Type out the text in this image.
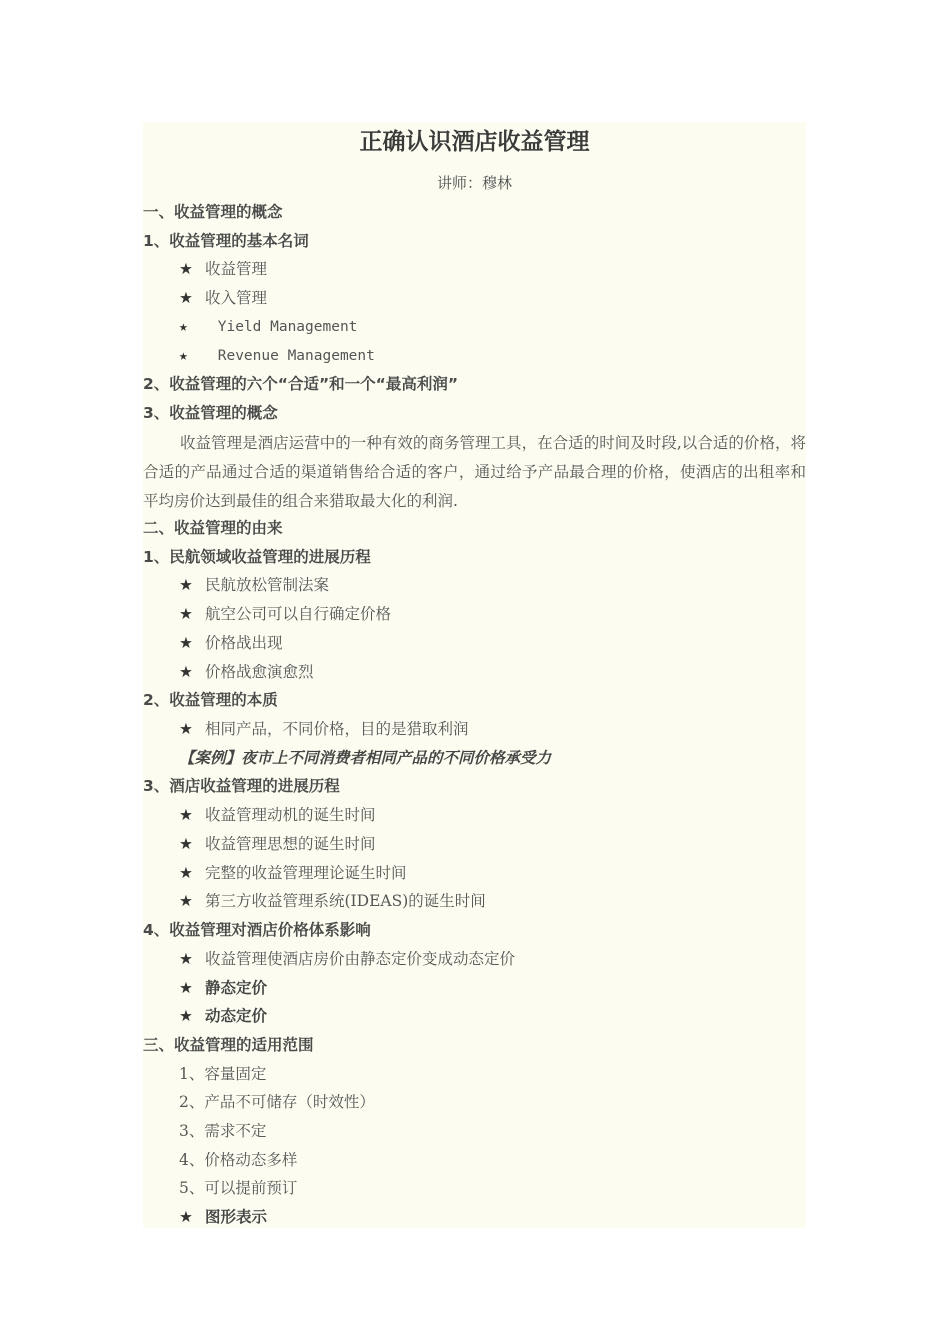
正确认识酒店收益管理
讲师：穆林
一、收益管理的概念
1、收益管理的基本名词
★ 收益管理
★ 收入管理
★ Yield Management
★ Revenue Management
2、收益管理的六个“合适”和一个“最高利润”
3、收益管理的概念

收益管理是酒店运营中的一种有效的商务管理工具，在合适的时间及时段,以合适的价格，将合适的产品通过合适的渠道销售给合适的客户，通过给予产品最合理的价格，使酒店的出租率和平均房价达到最佳的组合来猎取最大化的利润.

二、收益管理的由来
1、民航领域收益管理的进展历程
★ 民航放松管制法案
★ 航空公司可以自行确定价格
★ 价格战出现
★ 价格战愈演愈烈
2、收益管理的本质
★ 相同产品，不同价格，目的是猎取利润
【案例】夜市上不同消费者相同产品的不同价格承受力
3、酒店收益管理的进展历程
★ 收益管理动机的诞生时间
★ 收益管理思想的诞生时间
★ 完整的收益管理理论诞生时间
★ 第三方收益管理系统(IDEAS)的诞生时间
4、收益管理对酒店价格体系影响
★ 收益管理使酒店房价由静态定价变成动态定价
★ 静态定价
★ 动态定价
三、收益管理的适用范围
1、容量固定
2、产品不可储存（时效性）
3、需求不定
4、价格动态多样
5、可以提前预订
★ 图形表示
